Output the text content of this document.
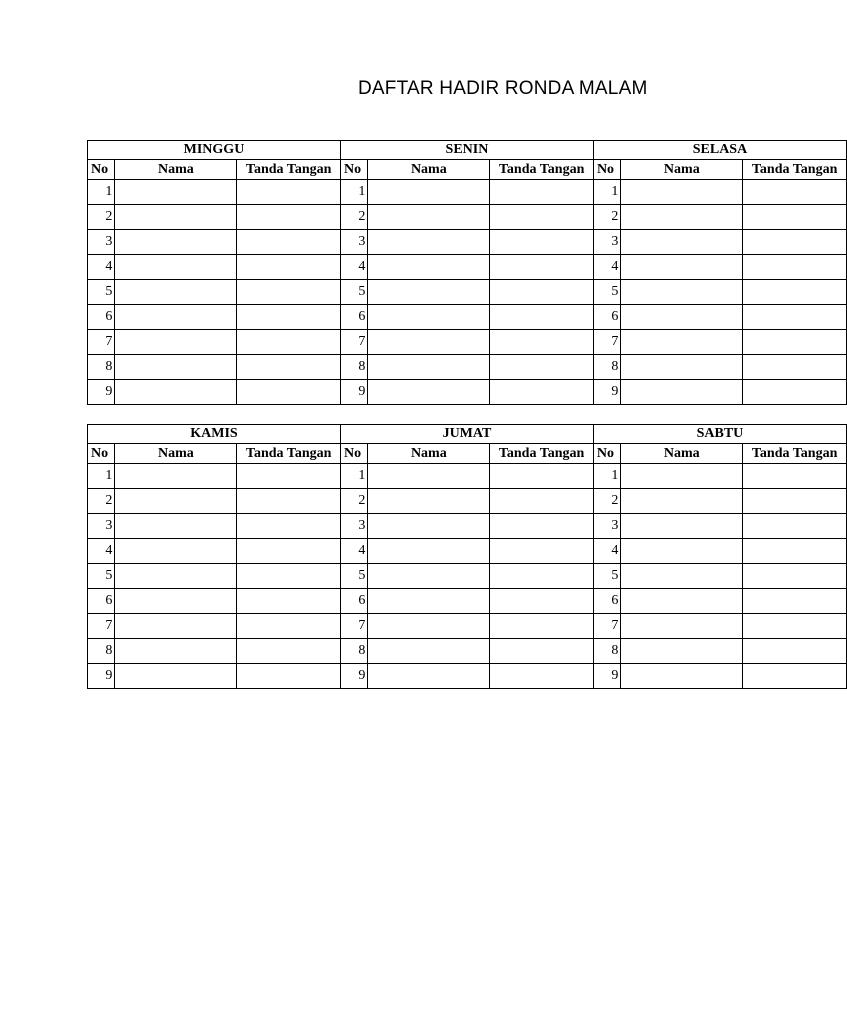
DAFTAR HADIR RONDA MALAM
MINGGU			SENIN			SELASA		
No	Nama	Tanda Tangan	No	Nama	Tanda Tangan	No	Nama	Tanda Tangan
1			1			1		
2			2			2		
3			3			3		
4			4			4		
5			5			5		
6			6			6		
7			7			7		
8			8			8		
9			9			9		
KAMIS			JUMAT			SABTU		
No	Nama	Tanda Tangan	No	Nama	Tanda Tangan	No	Nama	Tanda Tangan
1			1			1		
2			2			2		
3			3			3		
4			4			4		
5			5			5		
6			6			6		
7			7			7		
8			8			8		
9			9			9		
